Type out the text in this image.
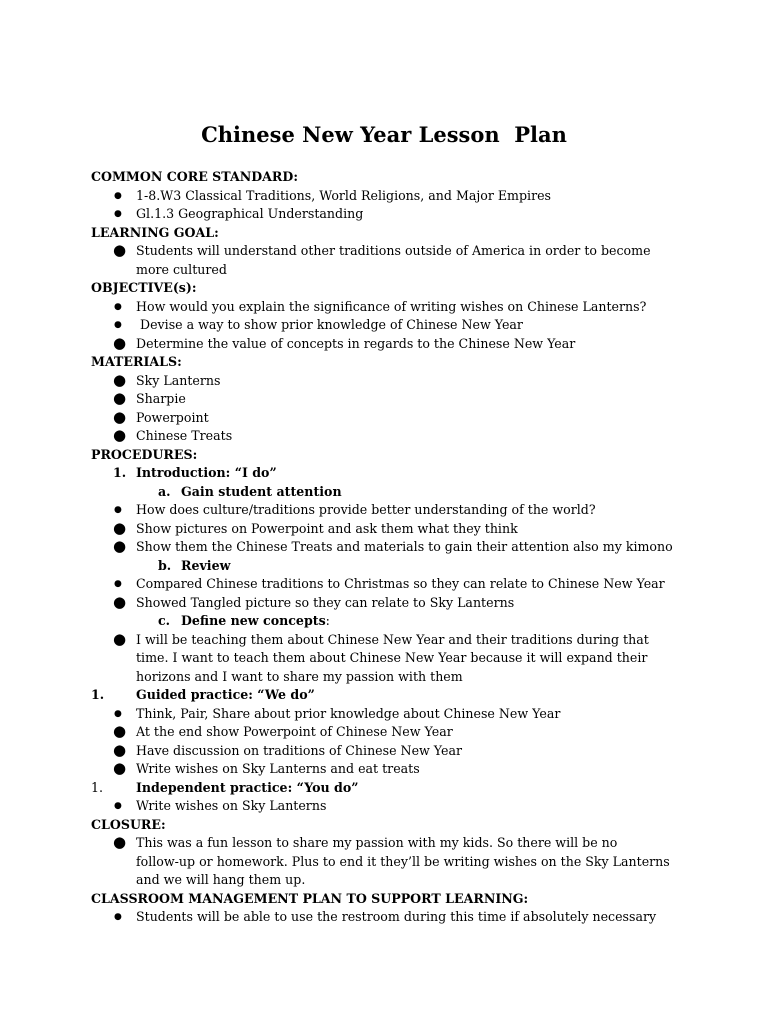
Chinese New Year Lesson  Plan
COMMON CORE STANDARD:
● 1-8.W3 Classical Traditions, World Religions, and Major Empires
● Gl.1.3 Geographical Understanding
LEARNING GOAL:
● Students will understand other traditions outside of America in order to become
more cultured
OBJECTIVE(s):
● How would you explain the significance of writing wishes on Chinese Lanterns?
● Devise a way to show prior knowledge of Chinese New Year
● Determine the value of concepts in regards to the Chinese New Year
MATERIALS:
● Sky Lanterns
● Sharpie
● Powerpoint
● Chinese Treats
PROCEDURES:
1. Introduction: “I do”
a. Gain student attention
● How does culture/traditions provide better understanding of the world?
● Show pictures on Powerpoint and ask them what they think
● Show them the Chinese Treats and materials to gain their attention also my kimono
b. Review
● Compared Chinese traditions to Christmas so they can relate to Chinese New Year
● Showed Tangled picture so they can relate to Sky Lanterns
c. Define new concepts:
● I will be teaching them about Chinese New Year and their traditions during that
time. I want to teach them about Chinese New Year because it will expand their
horizons and I want to share my passion with them
1.	Guided practice: “We do”
● Think, Pair, Share about prior knowledge about Chinese New Year
● At the end show Powerpoint of Chinese New Year
● Have discussion on traditions of Chinese New Year
● Write wishes on Sky Lanterns and eat treats
1.	Independent practice: “You do”
● Write wishes on Sky Lanterns
CLOSURE:
● This was a fun lesson to share my passion with my kids. So there will be no
follow-up or homework. Plus to end it they’ll be writing wishes on the Sky Lanterns
and we will hang them up.
CLASSROOM MANAGEMENT PLAN TO SUPPORT LEARNING:
● Students will be able to use the restroom during this time if absolutely necessary
